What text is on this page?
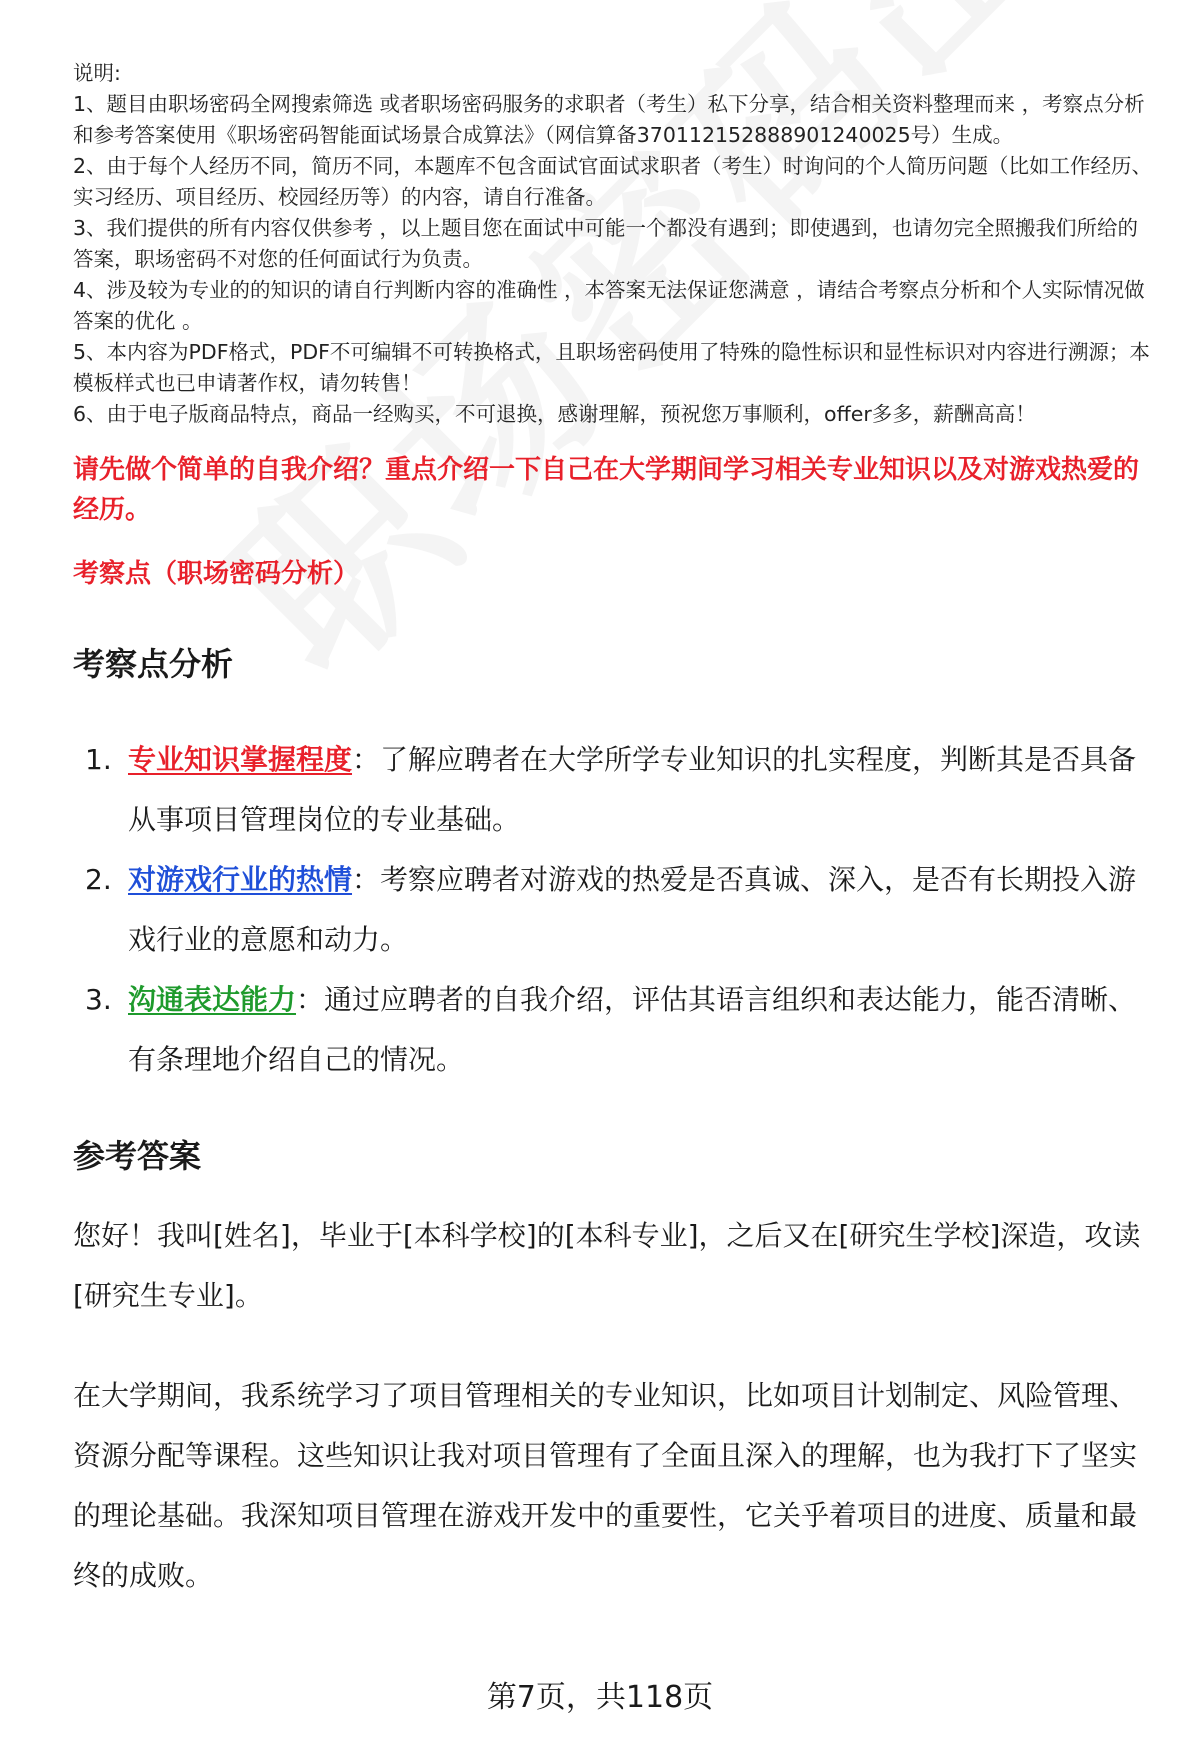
说明:

1、题目由职场密码全网搜索筛选 或者职场密码服务的求职者（考生）私下分享，结合相关资料整理而来 ，考察点分析和参考答案使用《职场密码智能面试场景合成算法》（网信算备370112152888901240025号）生成。

2、由于每个人经历不同，简历不同，本题库不包含面试官面试求职者（考生）时询问的个人简历问题（比如工作经历、实习经历、项目经历、校园经历等）的内容，请自行准备。

3、我们提供的所有内容仅供参考 ，以上题目您在面试中可能一个都没有遇到；即使遇到，也请勿完全照搬我们所给的答案，职场密码不对您的任何面试行为负责。

4、涉及较为专业的的知识的请自行判断内容的准确性 ，本答案无法保证您满意 ，请结合考察点分析和个人实际情况做答案的优化 。

5、本内容为PDF格式，PDF不可编辑不可转换格式，且职场密码使用了特殊的隐性标识和显性标识对内容进行溯源；本模板样式也已申请著作权，请勿转售！

6、由于电子版商品特点，商品一经购买，不可退换，感谢理解，预祝您万事顺利，offer多多，薪酬高高！

请先做个简单的自我介绍？重点介绍一下自己在大学期间学习相关专业知识以及对游戏热爱的经历。
考察点（职场密码分析）
考察点分析
1. 专业知识掌握程度：了解应聘者在大学所学专业知识的扎实程度，判断其是否具备从事项目管理岗位的专业基础。
2. 对游戏行业的热情：考察应聘者对游戏的热爱是否真诚、深入，是否有长期投入游戏行业的意愿和动力。
3. 沟通表达能力：通过应聘者的自我介绍，评估其语言组织和表达能力，能否清晰、有条理地介绍自己的情况。
参考答案

您好！我叫[姓名]，毕业于[本科学校]的[本科专业]，之后又在[研究生学校]深造，攻读[研究生专业]。

在大学期间，我系统学习了项目管理相关的专业知识，比如项目计划制定、风险管理、资源分配等课程。这些知识让我对项目管理有了全面且深入的理解，也为我打下了坚实的理论基础。我深知项目管理在游戏开发中的重要性，它关乎着项目的进度、质量和最终的成败。

第7页，共118页
